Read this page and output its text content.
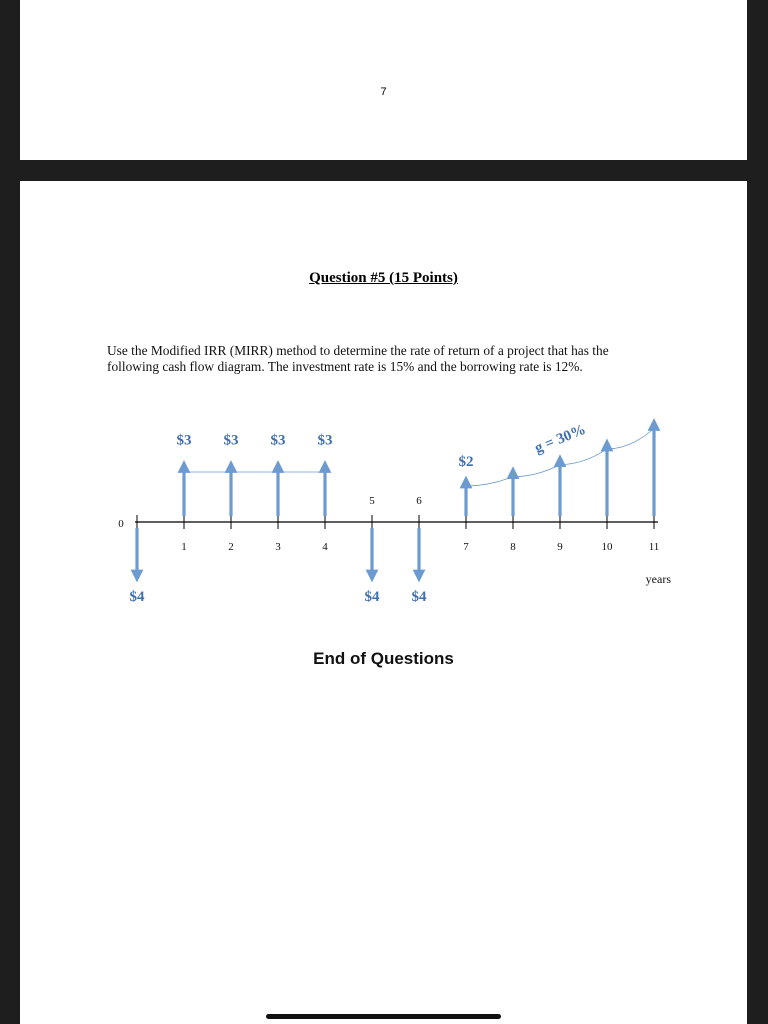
7
Question #5 (15 Points)
Use the Modified IRR (MIRR) method to determine the rate of return of a project that has the
following cash flow diagram. The investment rate is 15% and the borrowing rate is 12%.
0
1	2	3	4
5	6
7	8	9	10	11
$4
$3 $3 $3 $3
$4 $4
$2
g = 30%
years
End of Questions
